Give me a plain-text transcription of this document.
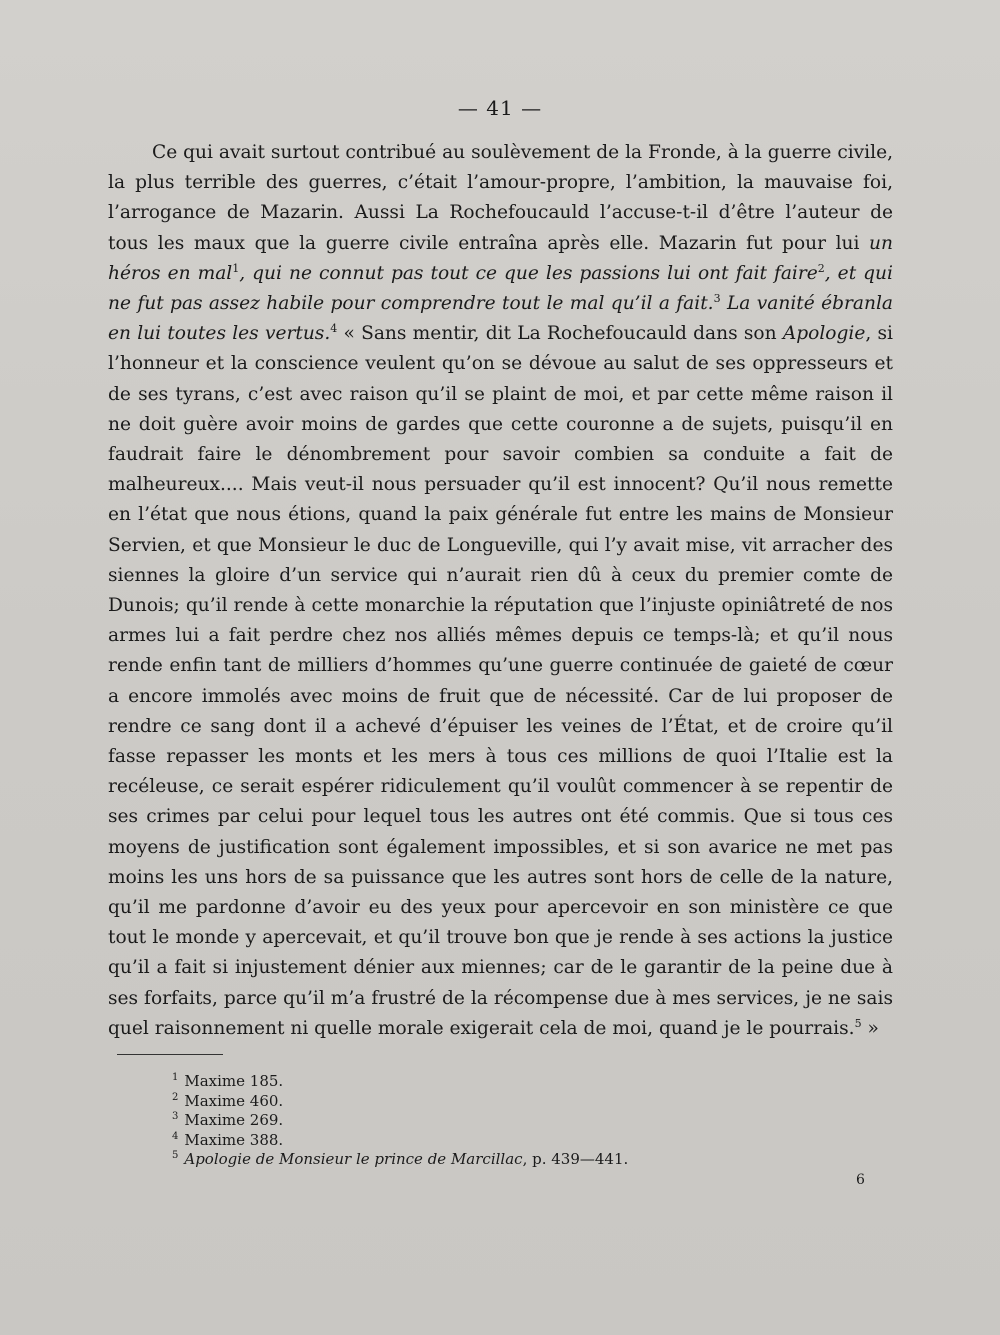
— 41 —

Ce qui avait surtout contribué au soulèvement de la Fronde, à la guerre civile, la plus terrible des guerres, c’était l’amour-propre, l’ambition, la mauvaise foi, l’arrogance de Mazarin. Aussi La Rochefoucauld l’accuse-t-il d’être l’auteur de tous les maux que la guerre civile entraîna après elle. Mazarin fut pour lui un héros en mal$^1$, qui ne connut pas tout ce que les passions lui ont fait faire$^2$, et qui ne fut pas assez habile pour comprendre tout le mal qu’il a fait.$^3$ La vanité ébranla en lui toutes les vertus.$^4$ « Sans mentir, dit La Rochefoucauld dans son Apologie, si l’honneur et la conscience veulent qu’on se dévoue au salut de ses oppresseurs et de ses tyrans, c’est avec raison qu’il se plaint de moi, et par cette même raison il ne doit guère avoir moins de gardes que cette couronne a de sujets, puisqu’il en faudrait faire le dénombrement pour savoir combien sa conduite a fait de malheureux.... Mais veut-il nous persuader qu’il est innocent? Qu’il nous remette en l’état que nous étions, quand la paix générale fut entre les mains de Monsieur Servien, et que Monsieur le duc de Longueville, qui l’y avait mise, vit arracher des siennes la gloire d’un service qui n’aurait rien dû à ceux du premier comte de Dunois; qu’il rende à cette monarchie la réputation que l’injuste opiniâtreté de nos armes lui a fait perdre chez nos alliés mêmes depuis ce temps-là; et qu’il nous rende enfin tant de milliers d’hommes qu’une guerre continuée de gaieté de cœur a encore immolés avec moins de fruit que de nécessité. Car de lui proposer de rendre ce sang dont il a achevé d’épuiser les veines de l’État, et de croire qu’il fasse repasser les monts et les mers à tous ces millions de quoi l’Italie est la recéleuse, ce serait espérer ridiculement qu’il voulût commencer à se repentir de ses crimes par celui pour lequel tous les autres ont été commis. Que si tous ces moyens de justification sont également impossibles, et si son avarice ne met pas moins les uns hors de sa puissance que les autres sont hors de celle de la nature, qu’il me pardonne d’avoir eu des yeux pour apercevoir en son ministère ce que tout le monde y apercevait, et qu’il trouve bon que je rende à ses actions la justice qu’il a fait si injustement dénier aux miennes; car de le garantir de la peine due à ses forfaits, parce qu’il m’a frustré de la récompense due à mes services, je ne sais quel raisonnement ni quelle morale exigerait cela de moi, quand je le pourrais.$^5$ »

$^1$ Maxime 185.
$^2$ Maxime 460.
$^3$ Maxime 269.
$^4$ Maxime 388.
$^5$ Apologie de Monsieur le prince de Marcillac, p. 439—441.
6
